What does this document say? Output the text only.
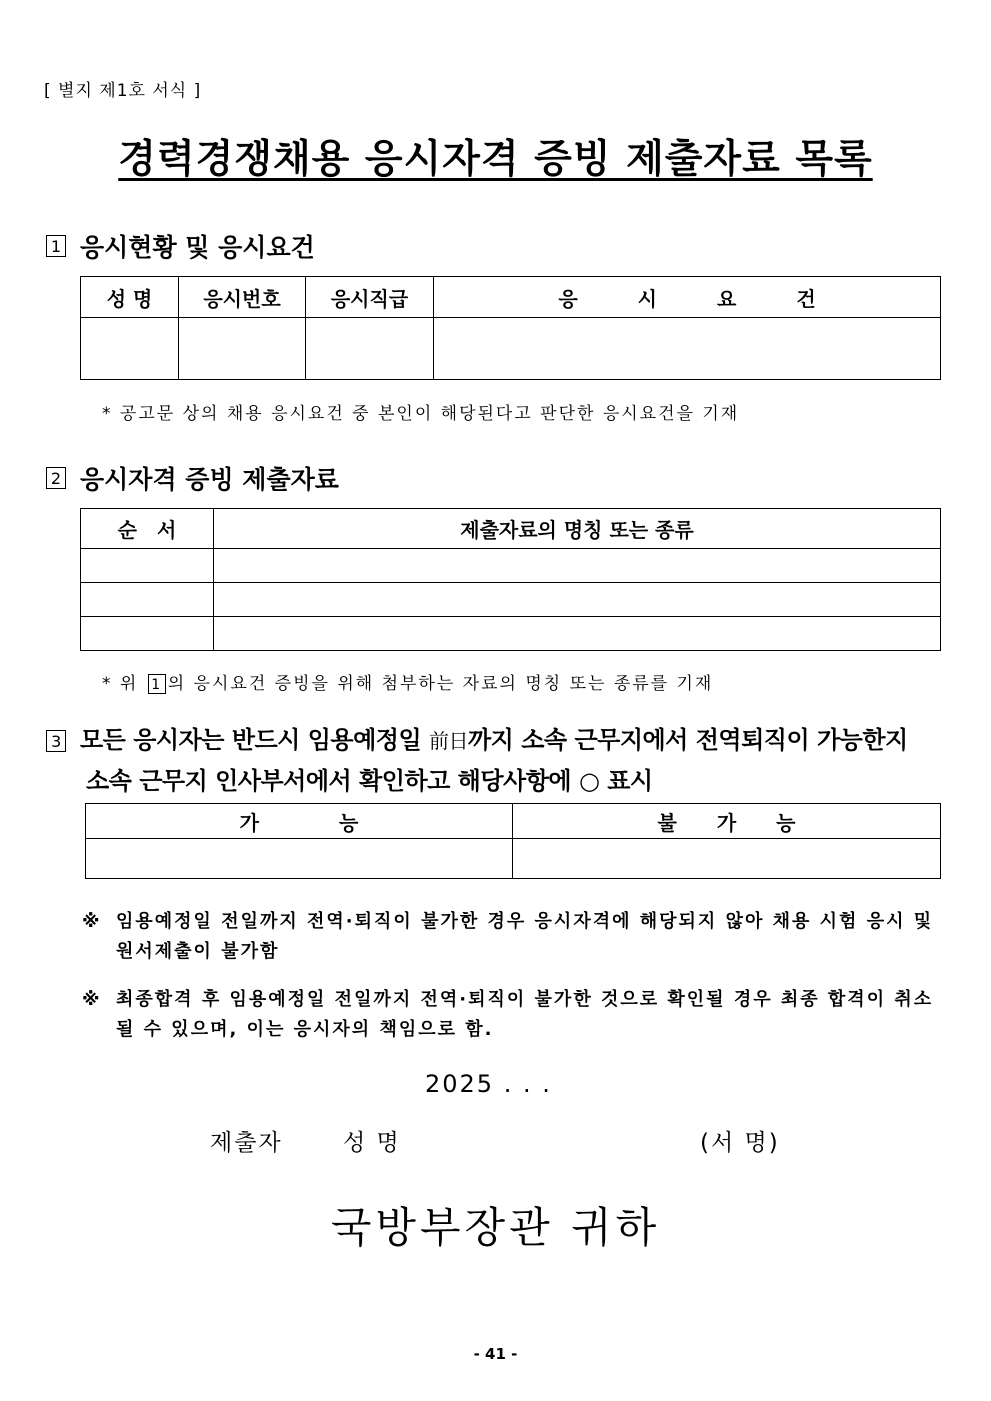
[ 별지 제1호 서식 ]
경력경쟁채용 응시자격 증빙 제출자료 목록
1 응시현황 및 응시요건
성 명	응시번호	응시직급	응　　　시　　　요　　　건

* 공고문 상의 채용 응시요건 중 본인이 해당된다고 판단한 응시요건을 기재
2 응시자격 증빙 제출자료
순　서	제출자료의 명칭 또는 종류

* 위 1 의 응시요건 증빙을 위해 첨부하는 자료의 명칭 또는 종류를 기재
3 모든 응시자는 반드시 임용예정일 前日까지 소속 근무지에서 전역퇴직이 가능한지
소속 근무지 인사부서에서 확인하고 해당사항에 ○ 표시
가　　　　능	불　　가　　능

※ 임용예정일 전일까지 전역·퇴직이 불가한 경우 응시자격에 해당되지 않아 채용 시험 응시 및 원서제출이 불가함
※ 최종합격 후 임용예정일 전일까지 전역·퇴직이 불가한 것으로 확인될 경우 최종 합격이 취소될 수 있으며, 이는 응시자의 책임으로 함.
2025 . . .
제출자	성 명	(서 명)
국방부장관 귀하
- 41 -
